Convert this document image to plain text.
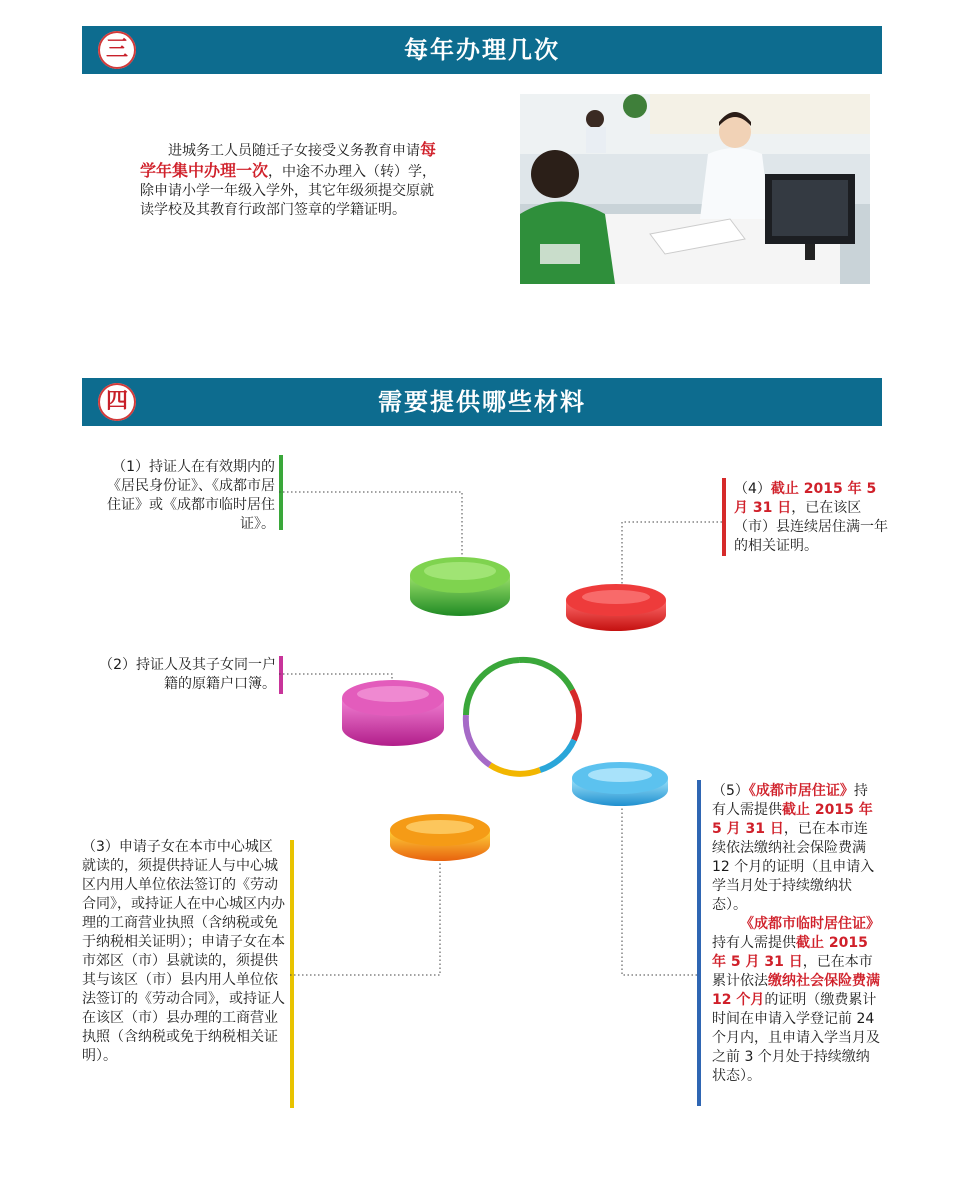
三	每年办理几次
进城务工人员随迁子女接受义务教育申请每学年集中办理一次，中途不办理入（转）学，除申请小学一年级入学外，其它年级须提交原就读学校及其教育行政部门签章的学籍证明。
四	需要提供哪些材料
（1）持证人在有效期内的《居民身份证》、《成都市居住证》或《成都市临时居住证》。
（4）截止 2015 年 5 月 31 日，已在该区（市）县连续居住满一年的相关证明。
（2）持证人及其子女同一户籍的原籍户口簿。
（3）申请子女在本市中心城区就读的，须提供持证人与中心城区内用人单位依法签订的《劳动合同》，或持证人在中心城区内办理的工商营业执照（含纳税或免于纳税相关证明）；申请子女在本市郊区（市）县就读的，须提供其与该区（市）县内用人单位依法签订的《劳动合同》，或持证人在该区（市）县办理的工商营业执照（含纳税或免于纳税相关证明）。
（5）《成都市居住证》持有人需提供截止 2015 年 5 月 31 日，已在本市连续依法缴纳社会保险费满 12 个月的证明（且申请入学当月处于持续缴纳状态）。
《成都市临时居住证》持有人需提供截止 2015 年 5 月 31 日，已在本市累计依法缴纳社会保险费满 12 个月的证明（缴费累计时间在申请入学登记前 24 个月内，且申请入学当月及之前 3 个月处于持续缴纳状态）。
